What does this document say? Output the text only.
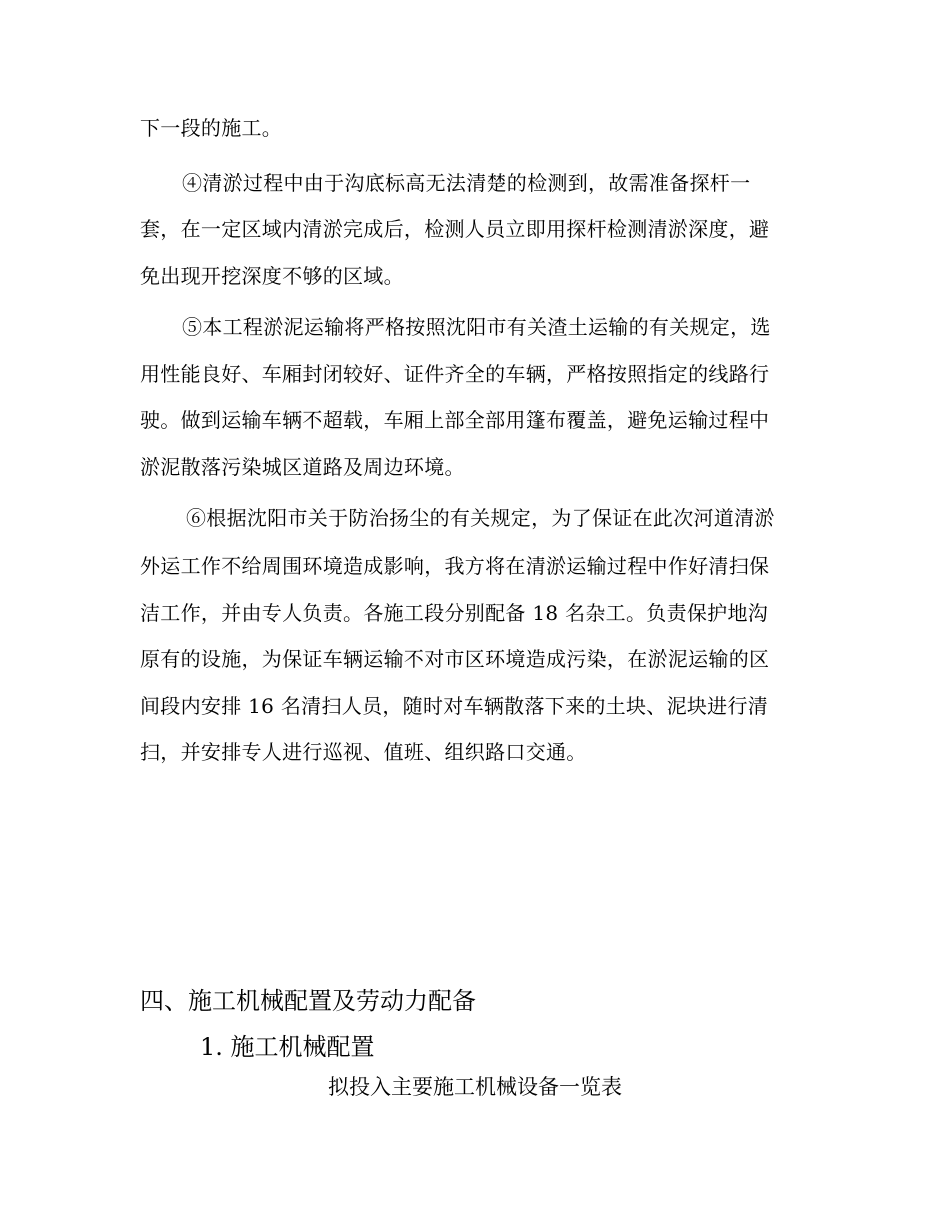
下一段的施工。
④清淤过程中由于沟底标高无法清楚的检测到，故需准备探杆一
套，在一定区域内清淤完成后，检测人员立即用探杆检测清淤深度，避
免出现开挖深度不够的区域。
⑤本工程淤泥运输将严格按照沈阳市有关渣土运输的有关规定，选
用性能良好、车厢封闭较好、证件齐全的车辆，严格按照指定的线路行
驶。做到运输车辆不超载，车厢上部全部用篷布覆盖，避免运输过程中
淤泥散落污染城区道路及周边环境。
⑥根据沈阳市关于防治扬尘的有关规定，为了保证在此次河道清淤
外运工作不给周围环境造成影响，我方将在清淤运输过程中作好清扫保
洁工作，并由专人负责。各施工段分别配备 18 名杂工。负责保护地沟
原有的设施，为保证车辆运输不对市区环境造成污染，在淤泥运输的区
间段内安排 16 名清扫人员，随时对车辆散落下来的土块、泥块进行清
扫，并安排专人进行巡视、值班、组织路口交通。
四、施工机械配置及劳动力配备
1. 施工机械配置
拟投入主要施工机械设备一览表
